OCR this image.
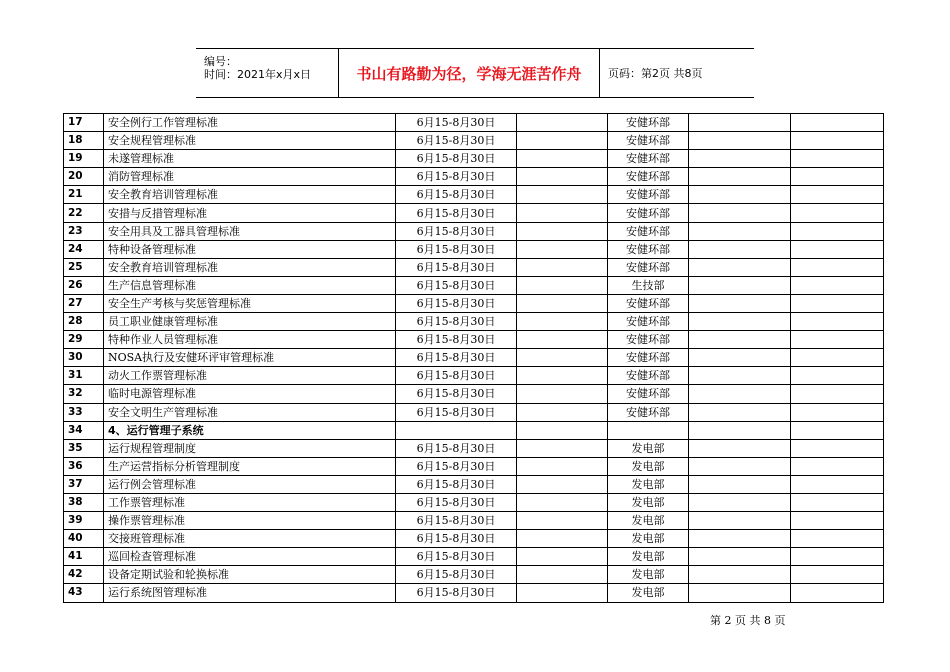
编号：
时间：2021年x月x日	书山有路勤为径，学海无涯苦作舟	页码：第2页 共8页
17	安全例行工作管理标准	6月15-8月30日		安健环部		
18	安全规程管理标准	6月15-8月30日		安健环部		
19	未遂管理标准	6月15-8月30日		安健环部		
20	消防管理标准	6月15-8月30日		安健环部		
21	安全教育培训管理标准	6月15-8月30日		安健环部		
22	安措与反措管理标准	6月15-8月30日		安健环部		
23	安全用具及工器具管理标准	6月15-8月30日		安健环部		
24	特种设备管理标准	6月15-8月30日		安健环部		
25	安全教育培训管理标准	6月15-8月30日		安健环部		
26	生产信息管理标准	6月15-8月30日		生技部		
27	安全生产考核与奖惩管理标准	6月15-8月30日		安健环部		
28	员工职业健康管理标准	6月15-8月30日		安健环部		
29	特种作业人员管理标准	6月15-8月30日		安健环部		
30	NOSA执行及安健环评审管理标准	6月15-8月30日		安健环部		
31	动火工作票管理标准	6月15-8月30日		安健环部		
32	临时电源管理标准	6月15-8月30日		安健环部		
33	安全文明生产管理标准	6月15-8月30日		安健环部		
34	4、运行管理子系统					
35	运行规程管理制度	6月15-8月30日		发电部		
36	生产运营指标分析管理制度	6月15-8月30日		发电部		
37	运行例会管理标准	6月15-8月30日		发电部		
38	工作票管理标准	6月15-8月30日		发电部		
39	操作票管理标准	6月15-8月30日		发电部		
40	交接班管理标准	6月15-8月30日		发电部		
41	巡回检查管理标准	6月15-8月30日		发电部		
42	设备定期试验和轮换标准	6月15-8月30日		发电部		
43	运行系统图管理标准	6月15-8月30日		发电部		
第 2 页 共 8 页
